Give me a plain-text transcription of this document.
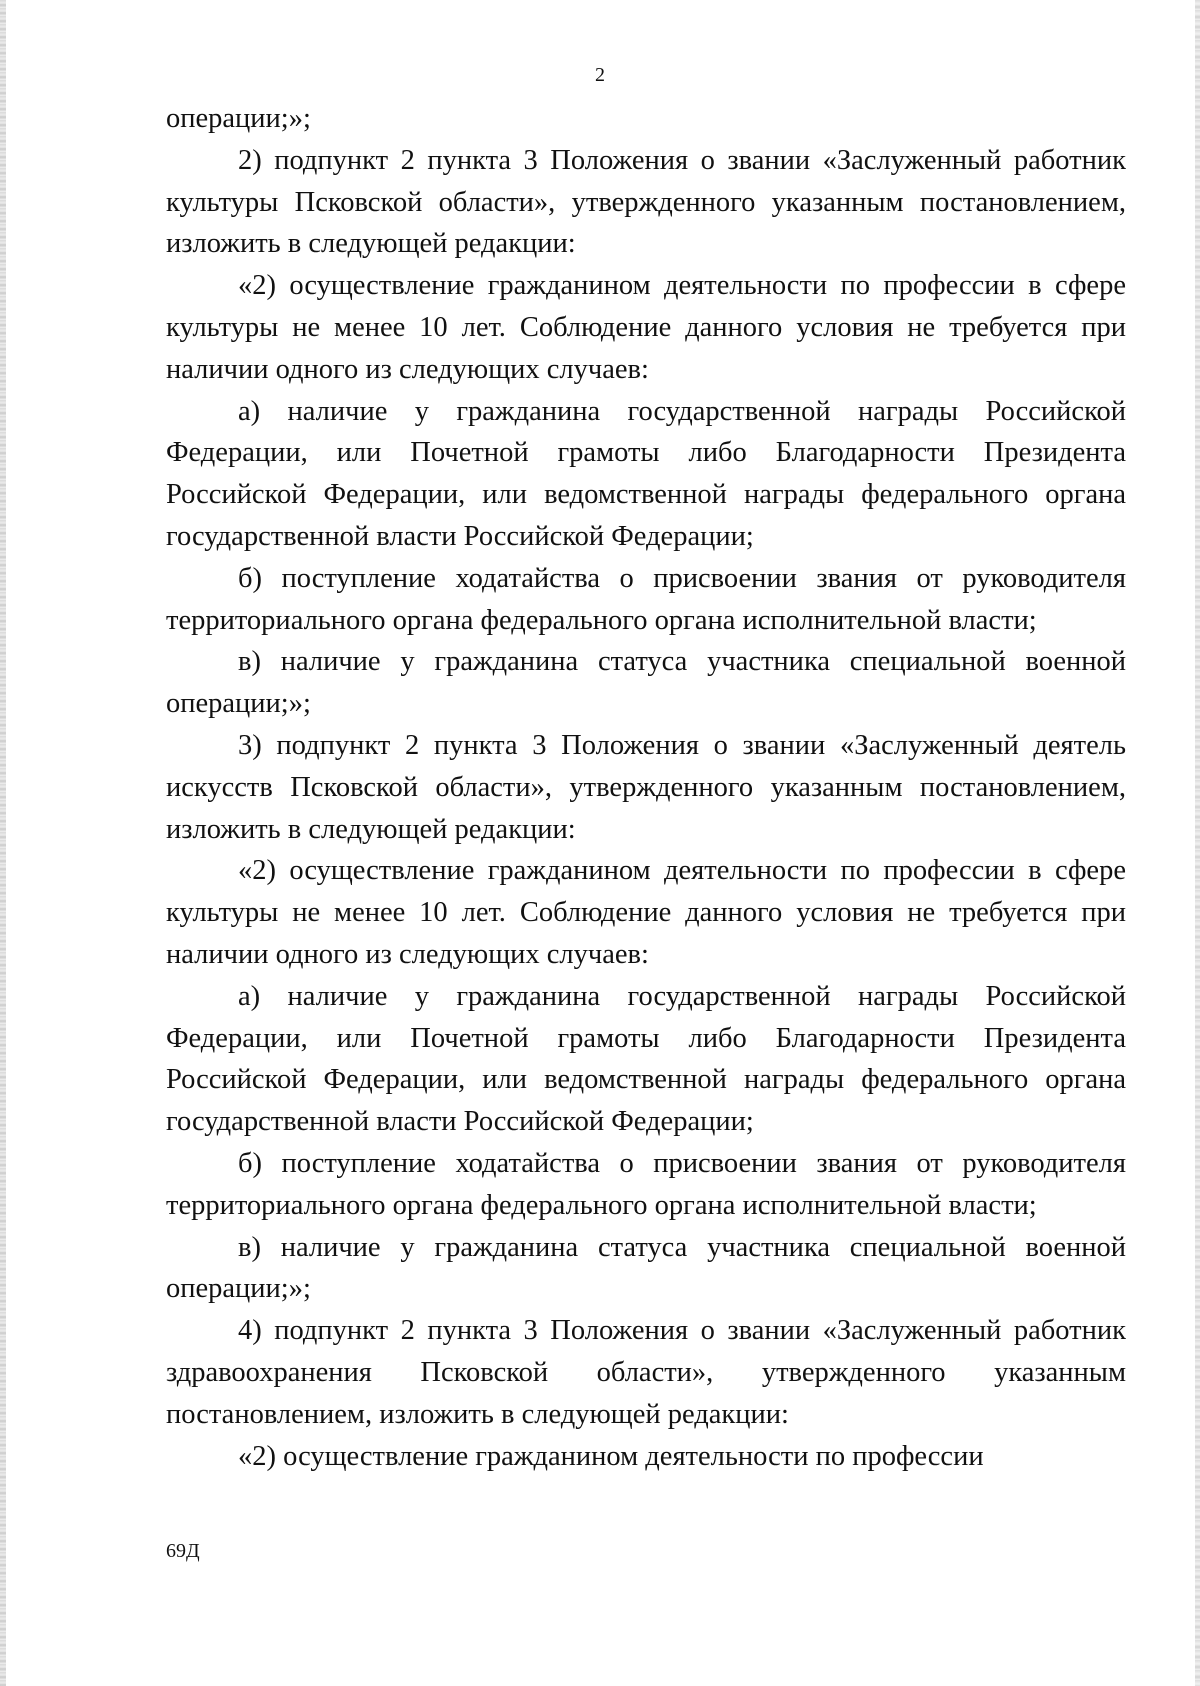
2

операции;»;

2) подпункт 2 пункта 3 Положения о звании «Заслуженный работник культуры Псковской области», утвержденного указанным постановлением, изложить в следующей редакции:

«2) осуществление гражданином деятельности по профессии в сфере культуры не менее 10 лет. Соблюдение данного условия не требуется при наличии одного из следующих случаев:

а) наличие у гражданина государственной награды Российской Федерации, или Почетной грамоты либо Благодарности Президента Российской Федерации, или ведомственной награды федерального органа государственной власти Российской Федерации;

б) поступление ходатайства о присвоении звания от руководителя территориального органа федерального органа исполнительной власти;

в) наличие у гражданина статуса участника специальной военной операции;»;

3) подпункт 2 пункта 3 Положения о звании «Заслуженный деятель искусств Псковской области», утвержденного указанным постановлением, изложить в следующей редакции:

«2) осуществление гражданином деятельности по профессии в сфере культуры не менее 10 лет. Соблюдение данного условия не требуется при наличии одного из следующих случаев:

а) наличие у гражданина государственной награды Российской Федерации, или Почетной грамоты либо Благодарности Президента Российской Федерации, или ведомственной награды федерального органа государственной власти Российской Федерации;

б) поступление ходатайства о присвоении звания от руководителя территориального органа федерального органа исполнительной власти;

в) наличие у гражданина статуса участника специальной военной операции;»;

4) подпункт 2 пункта 3 Положения о звании «Заслуженный работник здравоохранения Псковской области», утвержденного указанным постановлением, изложить в следующей редакции:

«2) осуществление гражданином деятельности по профессии

69Д
